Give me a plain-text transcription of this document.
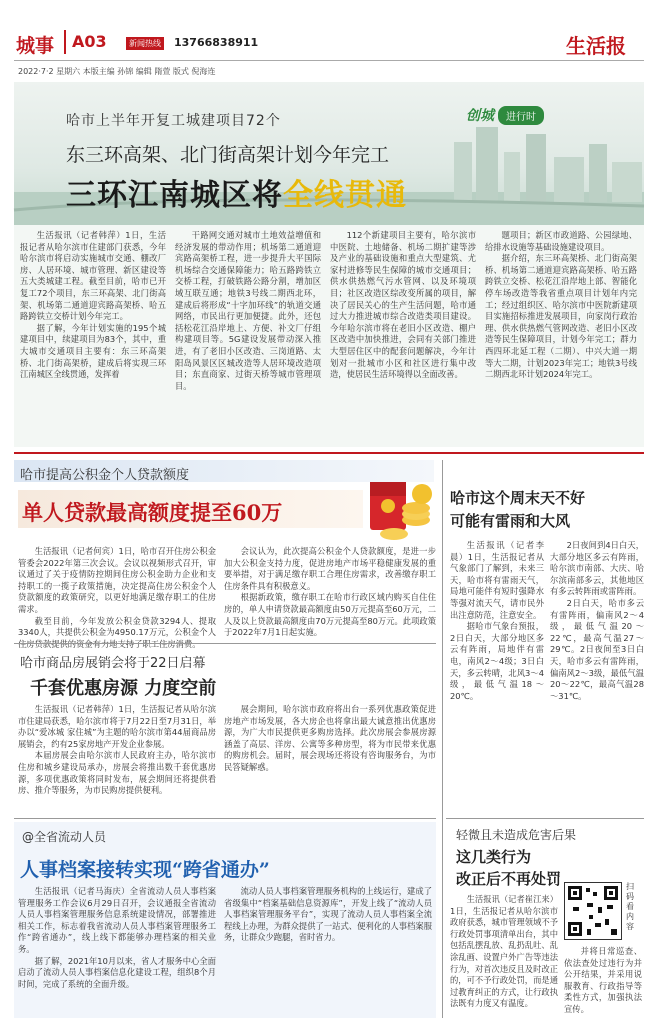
城事 A03	新闻热线 13766838911	生活报
2022·7·2 星期六 本版主编 孙锦 编辑 隋萱 版式 倪海连
哈市上半年开复工城建项目72个	创城	进行时
东三环高架、北门街高架计划今年完工
三环江南城区将全线贯通
生活报讯（记者韩萍）1日，生活报记者从哈尔滨市住建部门获悉，今年哈尔滨市将启动实施城市交通、棚改厂房、人居环境、城市管理、新区建设等五大类城建工程。截至目前，哈市已开复工72个项目，东三环高架、北门街高架、机场第二通道迎宾路高架桥、哈五路跨铁立交桥计划今年完工。
据了解，今年计划实施的195个城建项目中，续建项目为83个，其中，重大城市交通项目主要有：东三环高架桥、北门街高架桥，建成后将实现三环江南城区全线贯通，发挥着
干路网交通对城市土地效益增值和经济发展的带动作用；机场第二通道迎宾路高架桥工程，进一步提升大平国际机场综合交通保障能力；哈五路跨铁立交桥工程，打破铁路公路分割，增加区域互联互通；地铁3号线二期西北环，建成后将形成“十字加环线”的轨道交通网络，市民出行更加便捷。此外，还包括松花江沿岸地上、方便、补文厂仔组构建项目等。5G建设发展带动深入推进，有了老旧小区改造、三岗道路、太阳岛风景区区城改造等人居环境改造项目；东直商家、过街天桥等城市管理项目。
112个新建项目主要有，哈尔滨市中医院、土地储备、机场二期扩建等涉及产业的基础设施和重点大型建筑、尤家村进修等民生保障的城市交通项目；供水供热燃气污水管网、以及环境项目；社区改造区综改变所属的项目，解决了居民关心的生产生活问题，哈市通过大力推进城市综合改造类项目建设。今年哈尔滨市将在老旧小区改造、棚户区改造中加快推进，会同有关部门推进大型居住区中的配套问题解决，今年计划对一批城市小区和社区进行集中改造，使居民生活环境得以全面改善。
题项目；新区市政道路、公园绿地、给排水设施等基础设施建设项目。
据介绍，东三环高架桥、北门街高架桥、机场第二通道迎宾路高架桥、哈五路跨铁立交桥、松花江沿岸地上部、智能化停车场改造等我省重点项目计划年内完工；经过组织区、哈尔滨市中医院新建项目实施招标推进发展项目，向家岗行政治理、供水供热燃气管网改造、老旧小区改造等民生保障项目，计划今年完工；群力西四环北延工程（二期）、中兴大道一期等大二期，计划2023年完工；地铁3号线二期西北环计划2024年完工。
哈市提高公积金个人贷款额度
单人贷款最高额度提至60万
生活报讯（记者何宾）1日，哈市召开住房公积金管委会2022年第三次会议。会议以视频形式召开，审议通过了关于疫情防控期间住房公积金助力企业和支持职工的一揽子政策措施，决定提高住房公积金个人贷款额度的政策研究，以更好地满足缴存职工的住房需求。
截至目前，今年发放公积金贷款3294人、提取3340人，共提供公积金为4950.17万元，公积金个人
会议认为，此次提高公积金个人贷款额度，是进一步加大公积金支持力度，促进房地产市场平稳健康发展的重要举措，对于满足缴存职工合理住房需求，改善缴存职工住房条件具有积极意义。
根据新政策，缴存职工在哈市行政区域内购买自住住房的，单人申请贷款最高额度由50万元提高至60万元，二人及以上贷款最高额度由70万元提高至80万元。此项政策于2022年7月1日起实施。
哈市商品房展销会将于22日启幕
千套优惠房源 力度空前
生活报讯（记者韩萍）1日，生活报记者从哈尔滨市住建局获悉，哈尔滨市将于7月22日至7月31日，举办以“爱冰城 家住城”为主题的哈尔滨市第44届商品房展销会，约有25家房地产开发企业参展。
本届房展会由哈尔滨市人民政府主办，哈尔滨市住房和城乡建设局承办，房展会将推出数千套优惠房源，多项优惠政策将同时发布，展会期间还将提供看房、推介等服务，为市民购房提供便利。
展会期间，哈尔滨市政府将出台一系列优惠政策促进房地产市场发展，各大房企也将拿出最大诚意推出优惠房源，为广大市民提供更多购房选择。此次房展会参展房源涵盖了高层、洋房、公寓等多种房型，将为市民带来优惠的购房机会。届时，展会现场还将设有咨询服务台，为市民答疑解惑。
@全省流动人员
人事档案接转实现“跨省通办”
生活报讯（记者马海庆）全省流动人员人事档案管理服务工作会议6月29日召开，会议通报全省流动人员人事档案管理服务信息系统建设情况，部署推进相关工作，标志着我省流动人员人事档案管理服务工作“跨省通办”，线上线下都能够办理档案的相关业务。
据了解，2021年10月以来，省人才服务中心全面启动了流动人员人事档案信息化建设工程，组织8个月时间，完成了系统的全面升级。
流动人员人事档案管理服务机构的上线运行，建成了省级集中“档案基础信息资源库”，开发上线了“流动人员人事档案管理服务平台”，实现了流动人员人事档案全流程线上办理，为群众提供了一站式、便利化的人事档案服务，让群众少跑腿，省时省力。
哈市这个周末天不好
可能有雷雨和大风
生活报讯（记者李晨）1日，生活报记者从气象部门了解到，未来三天，哈市将有雷雨天气，局地可能伴有短时强降水等强对流天气，请市民外出注意防范，注意安全。
据哈市气象台预报，2日白天，大部分地区多云有阵雨，局地伴有雷电，南风2～4级；3日白天，多云转晴，北风3～4级，最低气温18～20℃。
2日夜间到4日白天，大部分地区多云有阵雨，哈尔滨市南部、大庆、哈尔滨南部多云，其他地区有多云转阵雨或雷阵雨。
2日白天，哈市多云有雷阵雨，偏南风2～4级，最低气温20～22℃，最高气温27～29℃。2日夜间至3日白天，哈市多云有雷阵雨，偏南风2～3级，最低气温20～22℃，最高气温28～31℃。
轻微且未造成危害后果
这几类行为
改正后不再处罚
生活报讯（记者崔江来）1日，生活报记者从哈尔滨市政府获悉，城市管理领域不予行政处罚事项清单出台，其中包括乱摆乱放、乱扔乱吐、乱涂乱画、设置户外广告等违法行为，对首次违反且及时改正的，可不予行政处罚，而是通过教育纠正的方式，让行政执法既有力度又有温度。
扫码看内容
并将日常巡查、依法查处过违行为并公开结果，并采用说服教育、行政指导等柔性方式，加强执法宣传。
